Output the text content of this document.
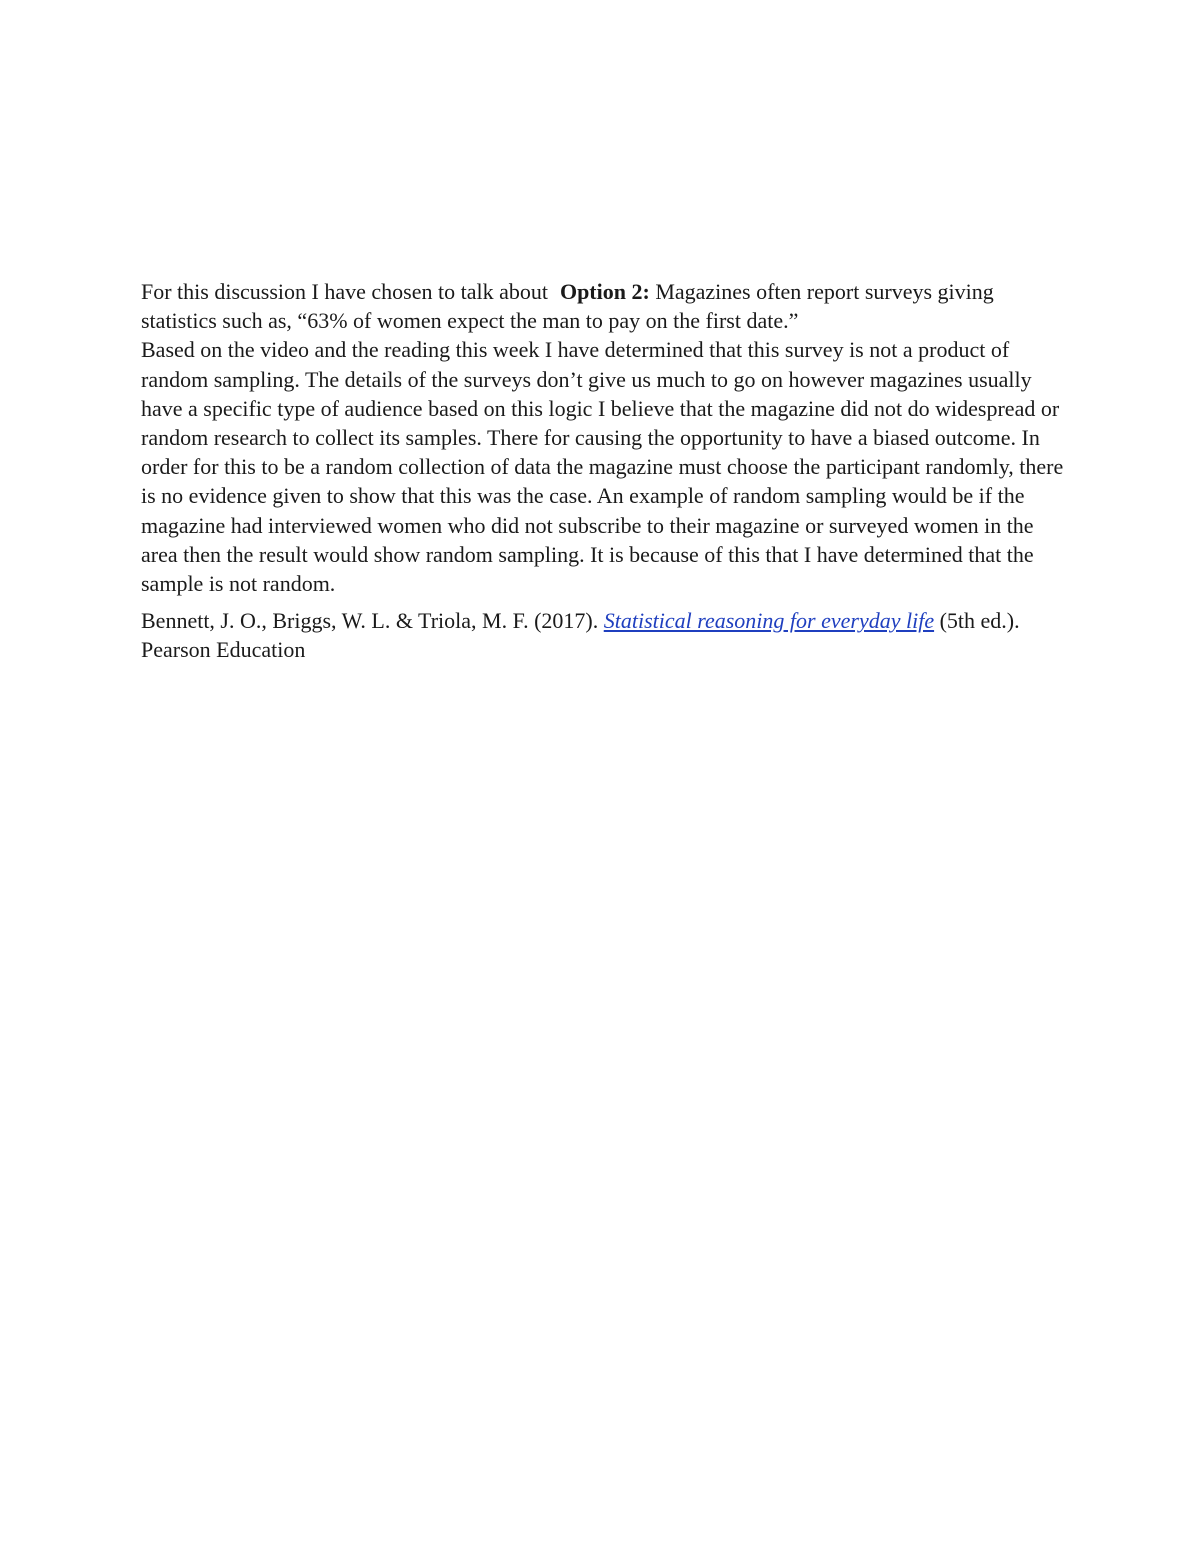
For this discussion I have chosen to talk about Option 2: Magazines often report surveys giving statistics such as, “63% of women expect the man to pay on the first date.”

Based on the video and the reading this week I have determined that this survey is not a product of random sampling. The details of the surveys don’t give us much to go on however magazines usually have a specific type of audience based on this logic I believe that the magazine did not do widespread or random research to collect its samples. There for causing the opportunity to have a biased outcome. In order for this to be a random collection of data the magazine must choose the participant randomly, there is no evidence given to show that this was the case. An example of random sampling would be if the magazine had interviewed women who did not subscribe to their magazine or surveyed women in the area then the result would show random sampling. It is because of this that I have determined that the sample is not random.

Bennett, J. O., Briggs, W. L. & Triola, M. F. (2017). Statistical reasoning for everyday life (5th ed.). Pearson Education
